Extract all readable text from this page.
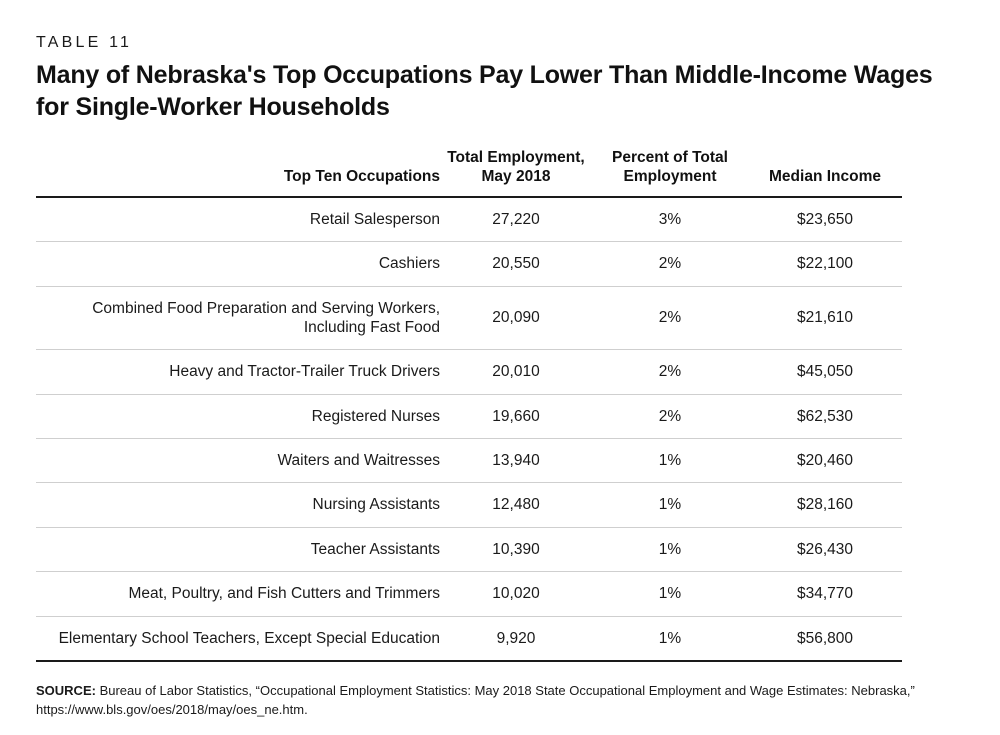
TABLE 11
Many of Nebraska's Top Occupations Pay Lower Than Middle-Income Wages for Single-Worker Households
Top Ten Occupations	Total Employment, May 2018	Percent of Total Employment	Median Income
Retail Salesperson	27,220	3%	$23,650
Cashiers	20,550	2%	$22,100
Combined Food Preparation and Serving Workers, Including Fast Food	20,090	2%	$21,610
Heavy and Tractor-Trailer Truck Drivers	20,010	2%	$45,050
Registered Nurses	19,660	2%	$62,530
Waiters and Waitresses	13,940	1%	$20,460
Nursing Assistants	12,480	1%	$28,160
Teacher Assistants	10,390	1%	$26,430
Meat, Poultry, and Fish Cutters and Trimmers	10,020	1%	$34,770
Elementary School Teachers, Except Special Education	9,920	1%	$56,800
SOURCE: Bureau of Labor Statistics, “Occupational Employment Statistics: May 2018 State Occupational Employment and Wage Estimates: Nebraska,” https://www.bls.gov/oes/2018/may/oes_ne.htm.
